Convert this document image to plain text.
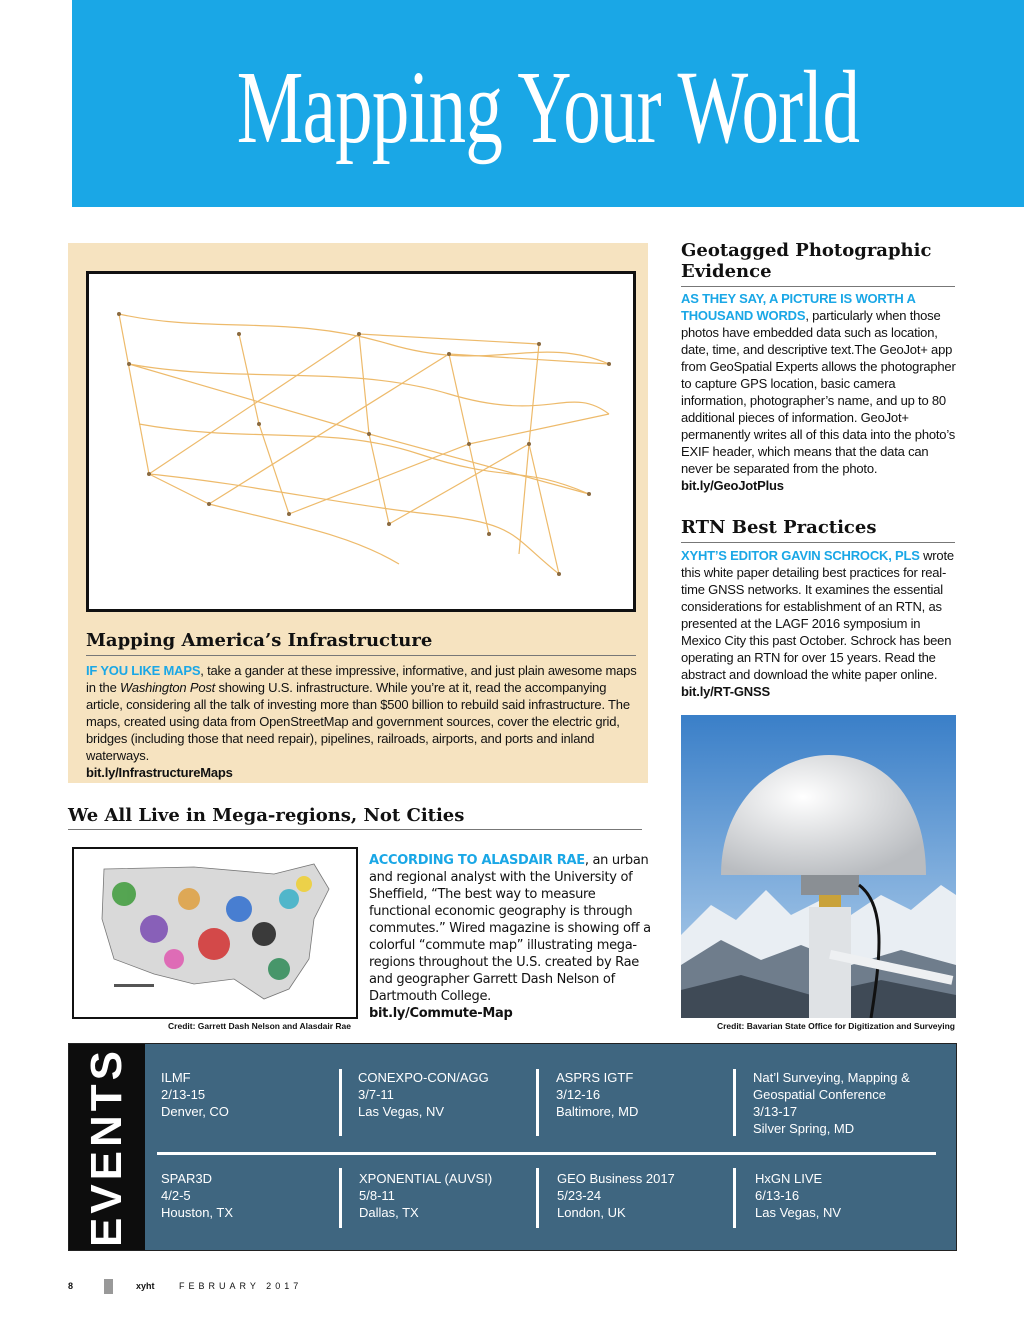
Mapping Your World
Mapping America’s Infrastructure
IF YOU LIKE MAPS, take a gander at these impressive, informative, and just plain awesome maps in the Washington Post showing U.S. infrastructure. While you’re at it, read the accompanying article, considering all the talk of investing more than $500 billion to rebuild said infrastructure. The maps, created using data from OpenStreetMap and government sources, cover the electric grid, bridges (including those that need repair), pipelines, railroads, airports, and ports and inland waterways.
bit.ly/InfrastructureMaps
Geotagged Photographic Evidence
AS THEY SAY, A PICTURE IS WORTH A THOUSAND WORDS, particularly when those photos have embedded data such as location, date, time, and descriptive text.The GeoJot+ app from GeoSpatial Experts allows the photographer to capture GPS location, basic camera information, photographer’s name, and up to 80 additional pieces of information. GeoJot+ permanently writes all of this data into the photo’s EXIF header, which means that the data can never be separated from the photo.
bit.ly/GeoJotPlus
RTN Best Practices
XYHT’S EDITOR GAVIN SCHROCK, PLS wrote this white paper detailing best practices for real-time GNSS networks. It examines the essential considerations for establishment of an RTN, as presented at the LAGF 2016 symposium in Mexico City this past October. Schrock has been operating an RTN for over 15 years. Read the abstract and download the white paper online.
bit.ly/RT-GNSS
Credit: Bavarian State Office for Digitization and Surveying
We All Live in Mega-regions, Not Cities
Credit: Garrett Dash Nelson and Alasdair Rae
ACCORDING TO ALASDAIR RAE, an urban and regional analyst with the University of Sheffield, “The best way to measure functional economic geography is through commutes.” Wired magazine is showing off a colorful “commute map” illustrating mega-regions throughout the U.S. created by Rae and geographer Garrett Dash Nelson of Dartmouth College.
bit.ly/Commute-Map
EVENTS ILMF
2/13-15
Denver, CO
CONEXPO-CON/AGG
3/7-11
Las Vegas, NV
ASPRS IGTF
3/12-16
Baltimore, MD
Nat’l Surveying, Mapping & Geospatial Conference
3/13-17
Silver Spring, MD
SPAR3D
4/2-5
Houston, TX
XPONENTIAL (AUVSI)
5/8-11
Dallas, TX
GEO Business 2017
5/23-24
London, UK
HxGN LIVE
6/13-16
Las Vegas, NV
8	xyht	FEBRUARY 2017
